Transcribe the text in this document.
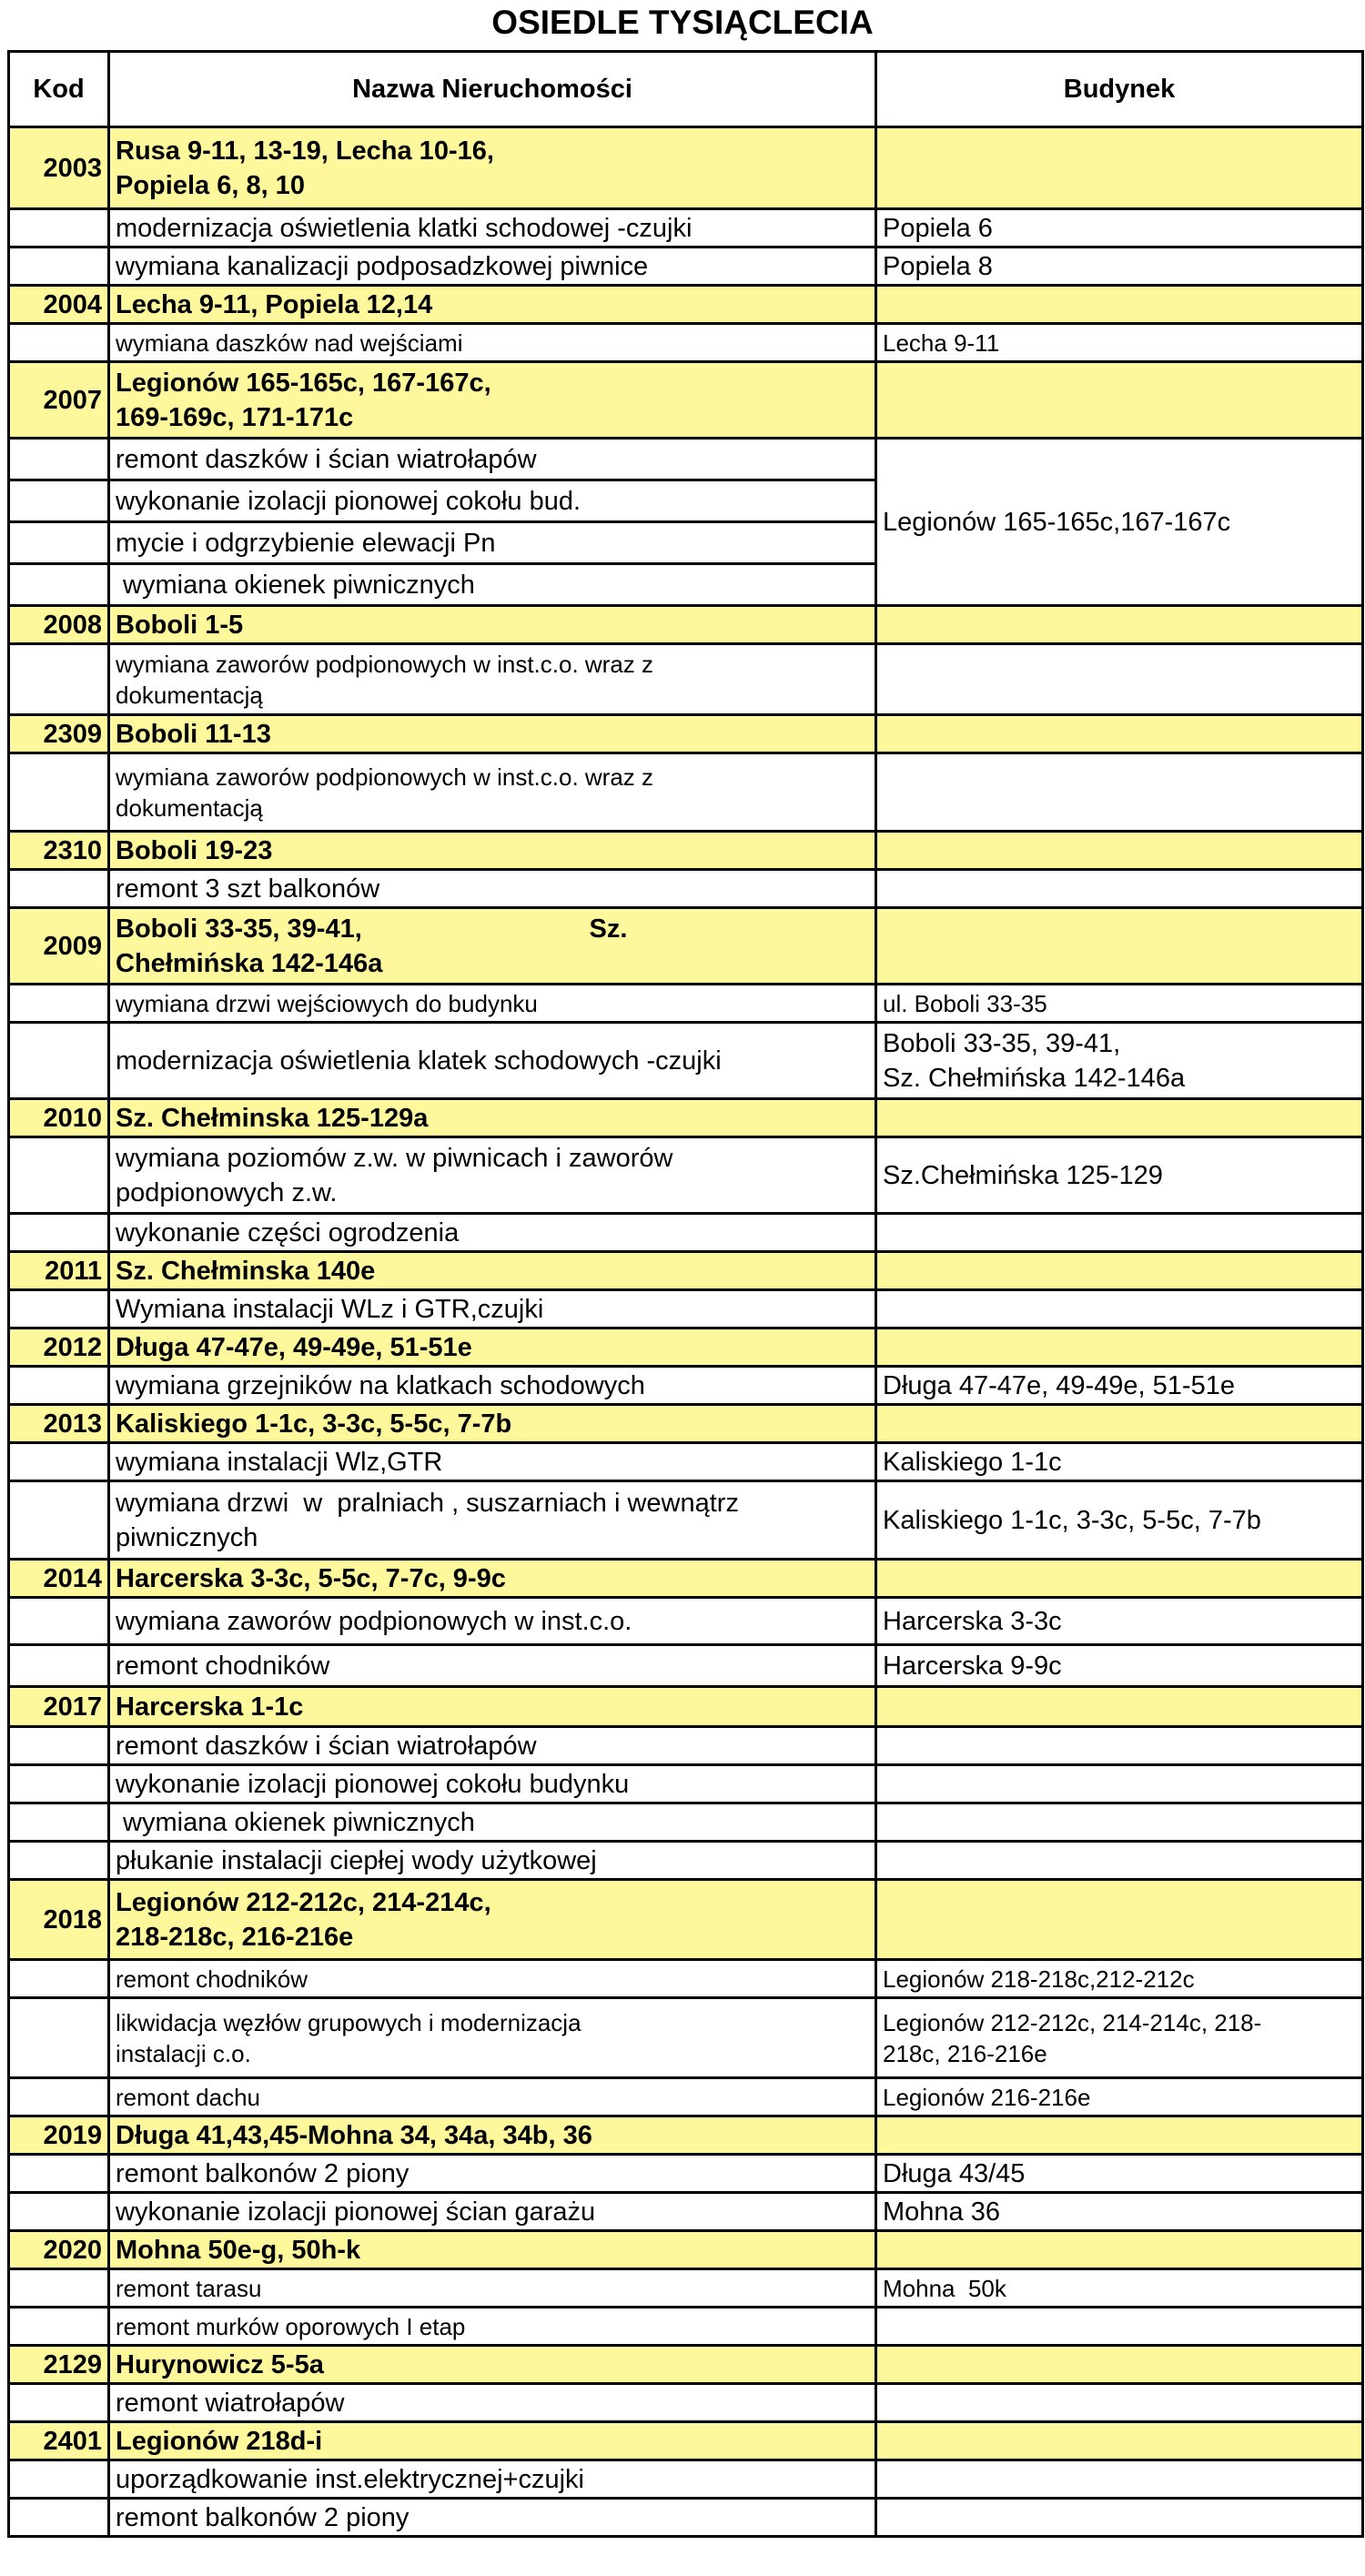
OSIEDLE TYSIĄCLECIA
Kod	Nazwa Nieruchomości	Budynek
2003	Rusa 9-11, 13-19, Lecha 10-16,
Popiela 6, 8, 10	
	modernizacja oświetlenia klatki schodowej -czujki	Popiela 6
	wymiana kanalizacji podposadzkowej piwnice	Popiela 8
2004	Lecha 9-11, Popiela 12,14	
	wymiana daszków nad wejściami	Lecha 9-11
2007	Legionów 165-165c, 167-167c,
169-169c, 171-171c	
	remont daszków i ścian wiatrołapów	Legionów 165-165c,167-167c
	wykonanie izolacji pionowej cokołu bud.	
	mycie i odgrzybienie elewacji Pn	
	wymiana okienek piwnicznych	
2008	Boboli 1-5	
	wymiana zaworów podpionowych w inst.c.o. wraz z
dokumentacją	
2309	Boboli 11-13	
	wymiana zaworów podpionowych w inst.c.o. wraz z
dokumentacją	
2310	Boboli 19-23	
	remont 3 szt balkonów	
2009	Boboli 33-35, 39-41,                               Sz.
Chełmińska 142-146a	
	wymiana drzwi wejściowych do budynku	ul. Boboli 33-35
	modernizacja oświetlenia klatek schodowych -czujki	Boboli 33-35, 39-41,
Sz. Chełmińska 142-146a
2010	Sz. Chełminska 125-129a	
	wymiana poziomów z.w. w piwnicach i zaworów
podpionowych z.w.	Sz.Chełmińska 125-129
	wykonanie części ogrodzenia	
2011	Sz. Chełminska 140e	
	Wymiana instalacji WLz i GTR,czujki	
2012	Długa 47-47e, 49-49e, 51-51e	
	wymiana grzejników na klatkach schodowych	Długa 47-47e, 49-49e, 51-51e
2013	Kaliskiego 1-1c, 3-3c, 5-5c, 7-7b	
	wymiana instalacji Wlz,GTR	Kaliskiego 1-1c
	wymiana drzwi  w  pralniach , suszarniach i wewnątrz
piwnicznych	Kaliskiego 1-1c, 3-3c, 5-5c, 7-7b
2014	Harcerska 3-3c, 5-5c, 7-7c, 9-9c	
	wymiana zaworów podpionowych w inst.c.o.	Harcerska 3-3c
	remont chodników	Harcerska 9-9c
2017	Harcerska 1-1c	
	remont daszków i ścian wiatrołapów	
	wykonanie izolacji pionowej cokołu budynku	
	wymiana okienek piwnicznych	
	płukanie instalacji ciepłej wody użytkowej	
2018	Legionów 212-212c, 214-214c,
218-218c, 216-216e	
	remont chodników	Legionów 218-218c,212-212c
	likwidacja węzłów grupowych i modernizacja
instalacji c.o.	Legionów 212-212c, 214-214c, 218-
218c, 216-216e
	remont dachu	Legionów 216-216e
2019	Długa 41,43,45-Mohna 34, 34a, 34b, 36	
	remont balkonów 2 piony	Długa 43/45
	wykonanie izolacji pionowej ścian garażu	Mohna 36
2020	Mohna 50e-g, 50h-k	
	remont tarasu	Mohna  50k
	remont murków oporowych I etap	
2129	Hurynowicz 5-5a	
	remont wiatrołapów	
2401	Legionów 218d-i	
	uporządkowanie inst.elektrycznej+czujki	
	remont balkonów 2 piony	
